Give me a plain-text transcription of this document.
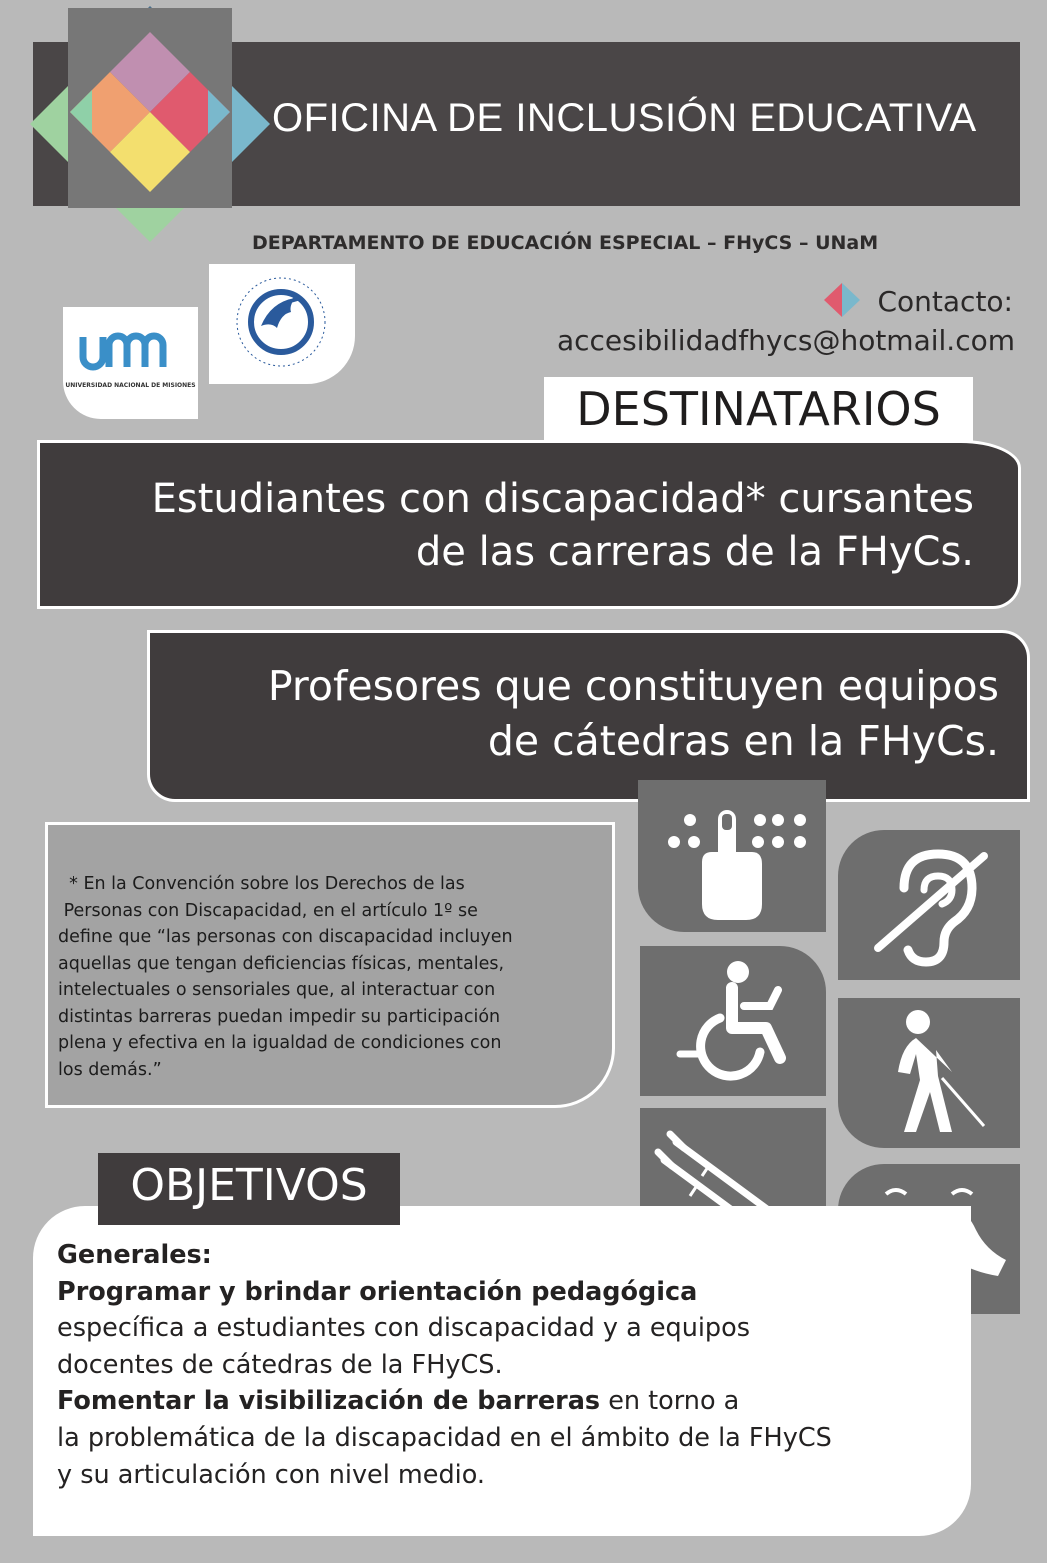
OFICINA DE INCLUSIÓN EDUCATIVA
DEPARTAMENTO DE EDUCACIÓN ESPECIAL – FHyCS – UNaM
UNIVERSIDAD NACIONAL DE MISIONES
Contacto:
accesibilidadfhycs@hotmail.com
DESTINATARIOS
Estudiantes con discapacidad* cursantes
de las carreras de la FHyCs.
Profesores que constituyen equipos
de cátedras en la FHyCs.
* En la Convención sobre los Derechos de las
Personas con Discapacidad, en el artículo 1º se
define que “las personas con discapacidad incluyen
aquellas que tengan deficiencias físicas, mentales,
intelectuales o sensoriales que, al interactuar con
distintas barreras puedan impedir su participación
plena y efectiva en la igualdad de condiciones con
los demás.”
OBJETIVOS
Generales:
Programar y brindar orientación pedagógica
específica a estudiantes con discapacidad y a equipos
docentes de cátedras de la FHyCS.
Fomentar la visibilización de barreras en torno a
la problemática de la discapacidad en el ámbito de la FHyCS
y su articulación con nivel medio.
